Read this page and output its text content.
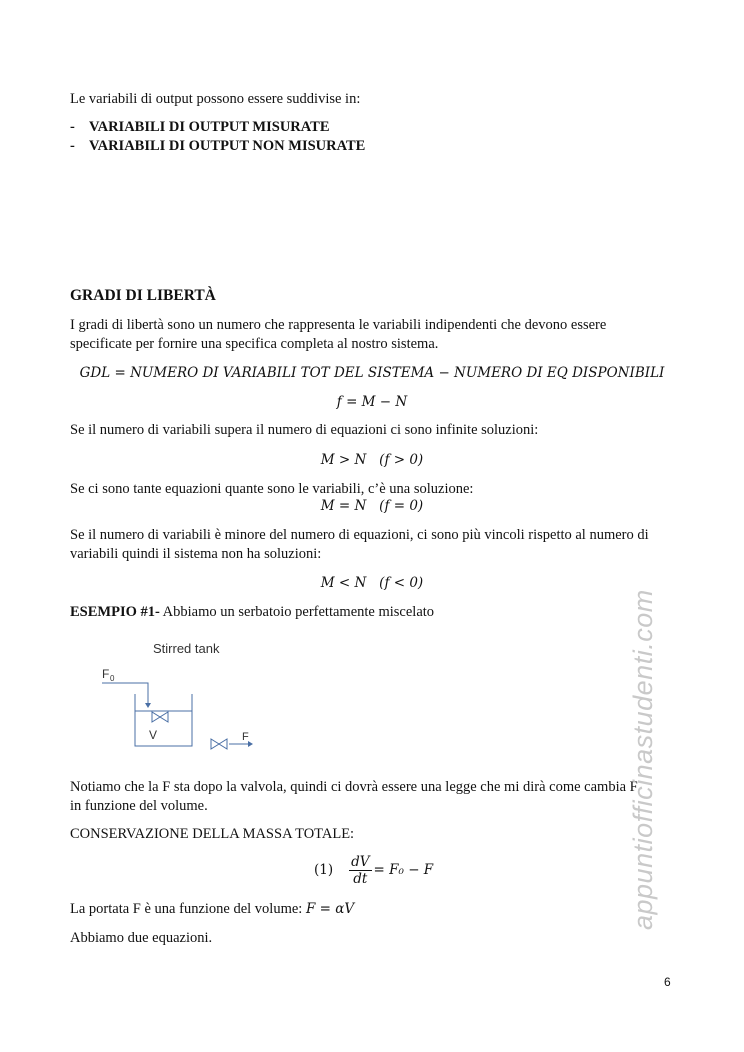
Le variabili di output possono essere suddivise in:
- VARIABILI DI OUTPUT MISURATE
- VARIABILI DI OUTPUT NON MISURATE
GRADI DI LIBERTÀ
I gradi di libertà sono un numero che rappresenta le variabili indipendenti che devono essere
specificate per fornire una specifica completa al nostro sistema.
GDL = NUMERO DI VARIABILI TOT DEL SISTEMA − NUMERO DI EQ DISPONIBILI
f = M − N
Se il numero di variabili supera il numero di equazioni ci sono infinite soluzioni:
M > N   (f > 0)
Se ci sono tante equazioni quante sono le variabili, c’è una soluzione:
M = N   (f = 0)
Se il numero di variabili è minore del numero di equazioni, ci sono più vincoli rispetto al numero di
variabili quindi il sistema non ha soluzioni:
M < N   (f < 0)
ESEMPIO #1- Abbiamo un serbatoio perfettamente miscelato
Stirred tank
F 0
V	F
Notiamo che la F sta dopo la valvola, quindi ci dovrà essere una legge che mi dirà come cambia F
in funzione del volume.
CONSERVAZIONE DELLA MASSA TOTALE:
$(1) \frac{dV}{dt} = F_0 - F$
La portata F è una funzione del volume: F = αV
Abbiamo due equazioni.
appuntiofficinastudenti.com
6
